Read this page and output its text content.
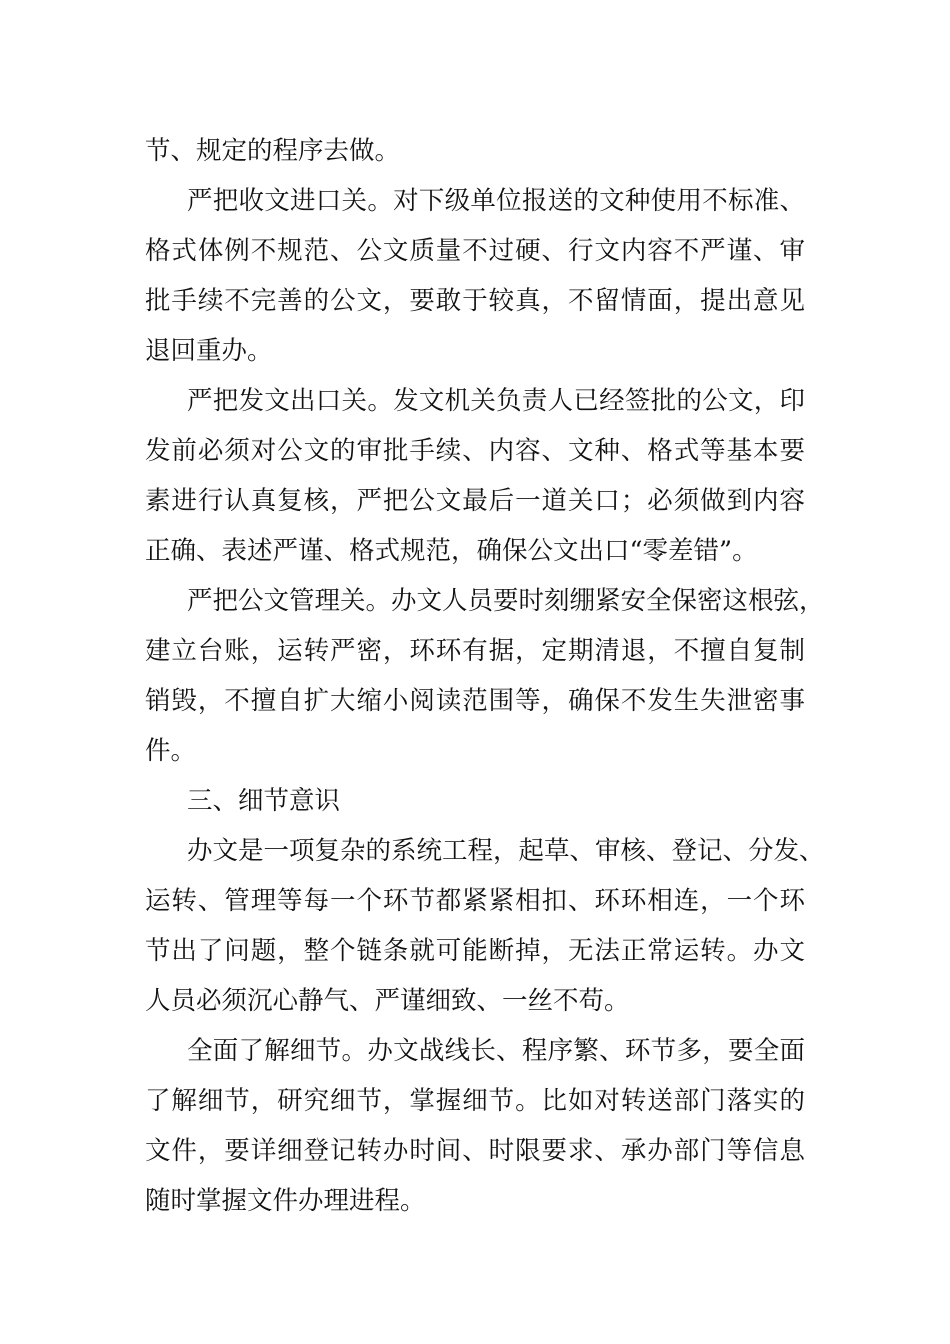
节、规定的程序去做。
严把收文进口关。对下级单位报送的文种使用不标准、
格式体例不规范、公文质量不过硬、行文内容不严谨、审
批手续不完善的公文，要敢于较真，不留情面，提出意见
退回重办。
严把发文出口关。发文机关负责人已经签批的公文，印
发前必须对公文的审批手续、内容、文种、格式等基本要
素进行认真复核，严把公文最后一道关口；必须做到内容
正确、表述严谨、格式规范，确保公文出口“零差错”。
严把公文管理关。办文人员要时刻绷紧安全保密这根弦，
建立台账，运转严密，环环有据，定期清退，不擅自复制
销毁，不擅自扩大缩小阅读范围等，确保不发生失泄密事
件。
三、细节意识
办文是一项复杂的系统工程，起草、审核、登记、分发、
运转、管理等每一个环节都紧紧相扣、环环相连，一个环
节出了问题，整个链条就可能断掉，无法正常运转。办文
人员必须沉心静气、严谨细致、一丝不苟。
全面了解细节。办文战线长、程序繁、环节多，要全面
了解细节，研究细节，掌握细节。比如对转送部门落实的
文件，要详细登记转办时间、时限要求、承办部门等信息
随时掌握文件办理进程。
